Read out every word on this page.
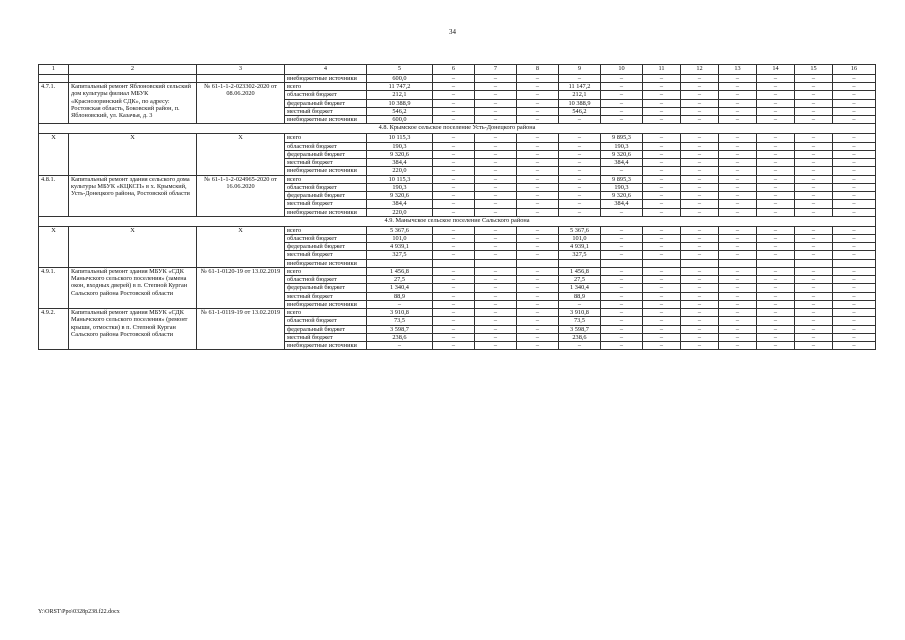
34
1	2	3	4	5	6	7	8	9	10	11	12	13	14	15	16
			внебюджетные источники	600,0	–	–	–	–	–	–	–	–	–	–	–
4.7.1.	Капитальный ремонт Яблоновский сельский дом культуры филиал МБУК «Краснозоринский СДК», по адресу: Ростовская область, Боковский район, п. Яблоновский, ул. Казачья, д. 3	№ 61-1-1-2-023302-2020 от 08.06.2020	всего	11 747,2	–	–	–	11 147,2	–	–	–	–	–	–	–
			областной бюджет	212,1	–	–	–	212,1	–	–	–	–	–	–	–
			федеральный бюджет	10 388,9	–	–	–	10 388,9	–	–	–	–	–	–	–
			местный бюджет	546,2	–	–	–	546,2	–	–	–	–	–	–	–
			внебюджетные источники	600,0	–	–	–	–	–	–	–	–	–	–	–
4.8. Крымское сельское поселение Усть-Донецкого района															
Х	Х	Х	всего	10 115,3	–	–	–	–	9 895,3	–	–	–	–	–	–
			областной бюджет	190,3	–	–	–	–	190,3	–	–	–	–	–	–
			федеральный бюджет	9 320,6	–	–	–	–	9 320,6	–	–	–	–	–	–
			местный бюджет	384,4	–	–	–	–	384,4	–	–	–	–	–	–
			внебюджетные источники	220,0	–	–	–	–	–	–	–	–	–	–	–
4.8.1.	Капитальный ремонт здания сельского дома культуры МБУК «КЦКСП» в х. Крымский, Усть-Донецкого района, Ростовской области	№ 61-1-1-2-024965-2020 от 16.06.2020	всего	10 115,3	–	–	–	–	9 895,3	–	–	–	–	–	–
			областной бюджет	190,3	–	–	–	–	190,3	–	–	–	–	–	–
			федеральный бюджет	9 320,6	–	–	–	–	9 320,6	–	–	–	–	–	–
			местный бюджет	384,4	–	–	–	–	384,4	–	–	–	–	–	–
			внебюджетные источники	220,0	–	–	–	–	–	–	–	–	–	–	–
4.9. Манычское сельское поселение Сальского района															
Х	Х	Х	всего	5 367,6	–	–	–	5 367,6	–	–	–	–	–	–	–
			областной бюджет	101,0	–	–	–	101,0	–	–	–	–	–	–	–
			федеральный бюджет	4 939,1	–	–	–	4 939,1	–	–	–	–	–	–	–
			местный бюджет	327,5	–	–	–	327,5	–	–	–	–	–	–	–
			внебюджетные источники												
4.9.1.	Капитальный ремонт здания МБУК «СДК Манычского сельского поселения» (замена окон, входных дверей) в п. Степной Курган Сальского района Ростовской области	№ 61-1-0120-19 от 13.02.2019	всего	1 456,8	–	–	–	1 456,8	–	–	–	–	–	–	–
			областной бюджет	27,5	–	–	–	27,5	–	–	–	–	–	–	–
			федеральный бюджет	1 340,4	–	–	–	1 340,4	–	–	–	–	–	–	–
			местный бюджет	88,9	–	–	–	88,9	–	–	–	–	–	–	–
			внебюджетные источники	–	–	–	–	–	–	–	–	–	–	–	–
4.9.2.	Капитальный ремонт здания МБУК «СДК Манычского сельского поселения» (ремонт крыши, отмостки) в п. Степной Курган Сальского района Ростовской области	№ 61-1-0119-19 от 13.02.2019	всего	3 910,8	–	–	–	3 910,8	–	–	–	–	–	–	–
			областной бюджет	73,5	–	–	–	73,5	–	–	–	–	–	–	–
			федеральный бюджет	3 598,7	–	–	–	3 598,7	–	–	–	–	–	–	–
			местный бюджет	238,6	–	–	–	238,6	–	–	–	–	–	–	–
			внебюджетные источники	–	–	–	–	–	–	–	–	–	–	–	–
Y:\ORST\Ppo\0328p238.f22.docx
